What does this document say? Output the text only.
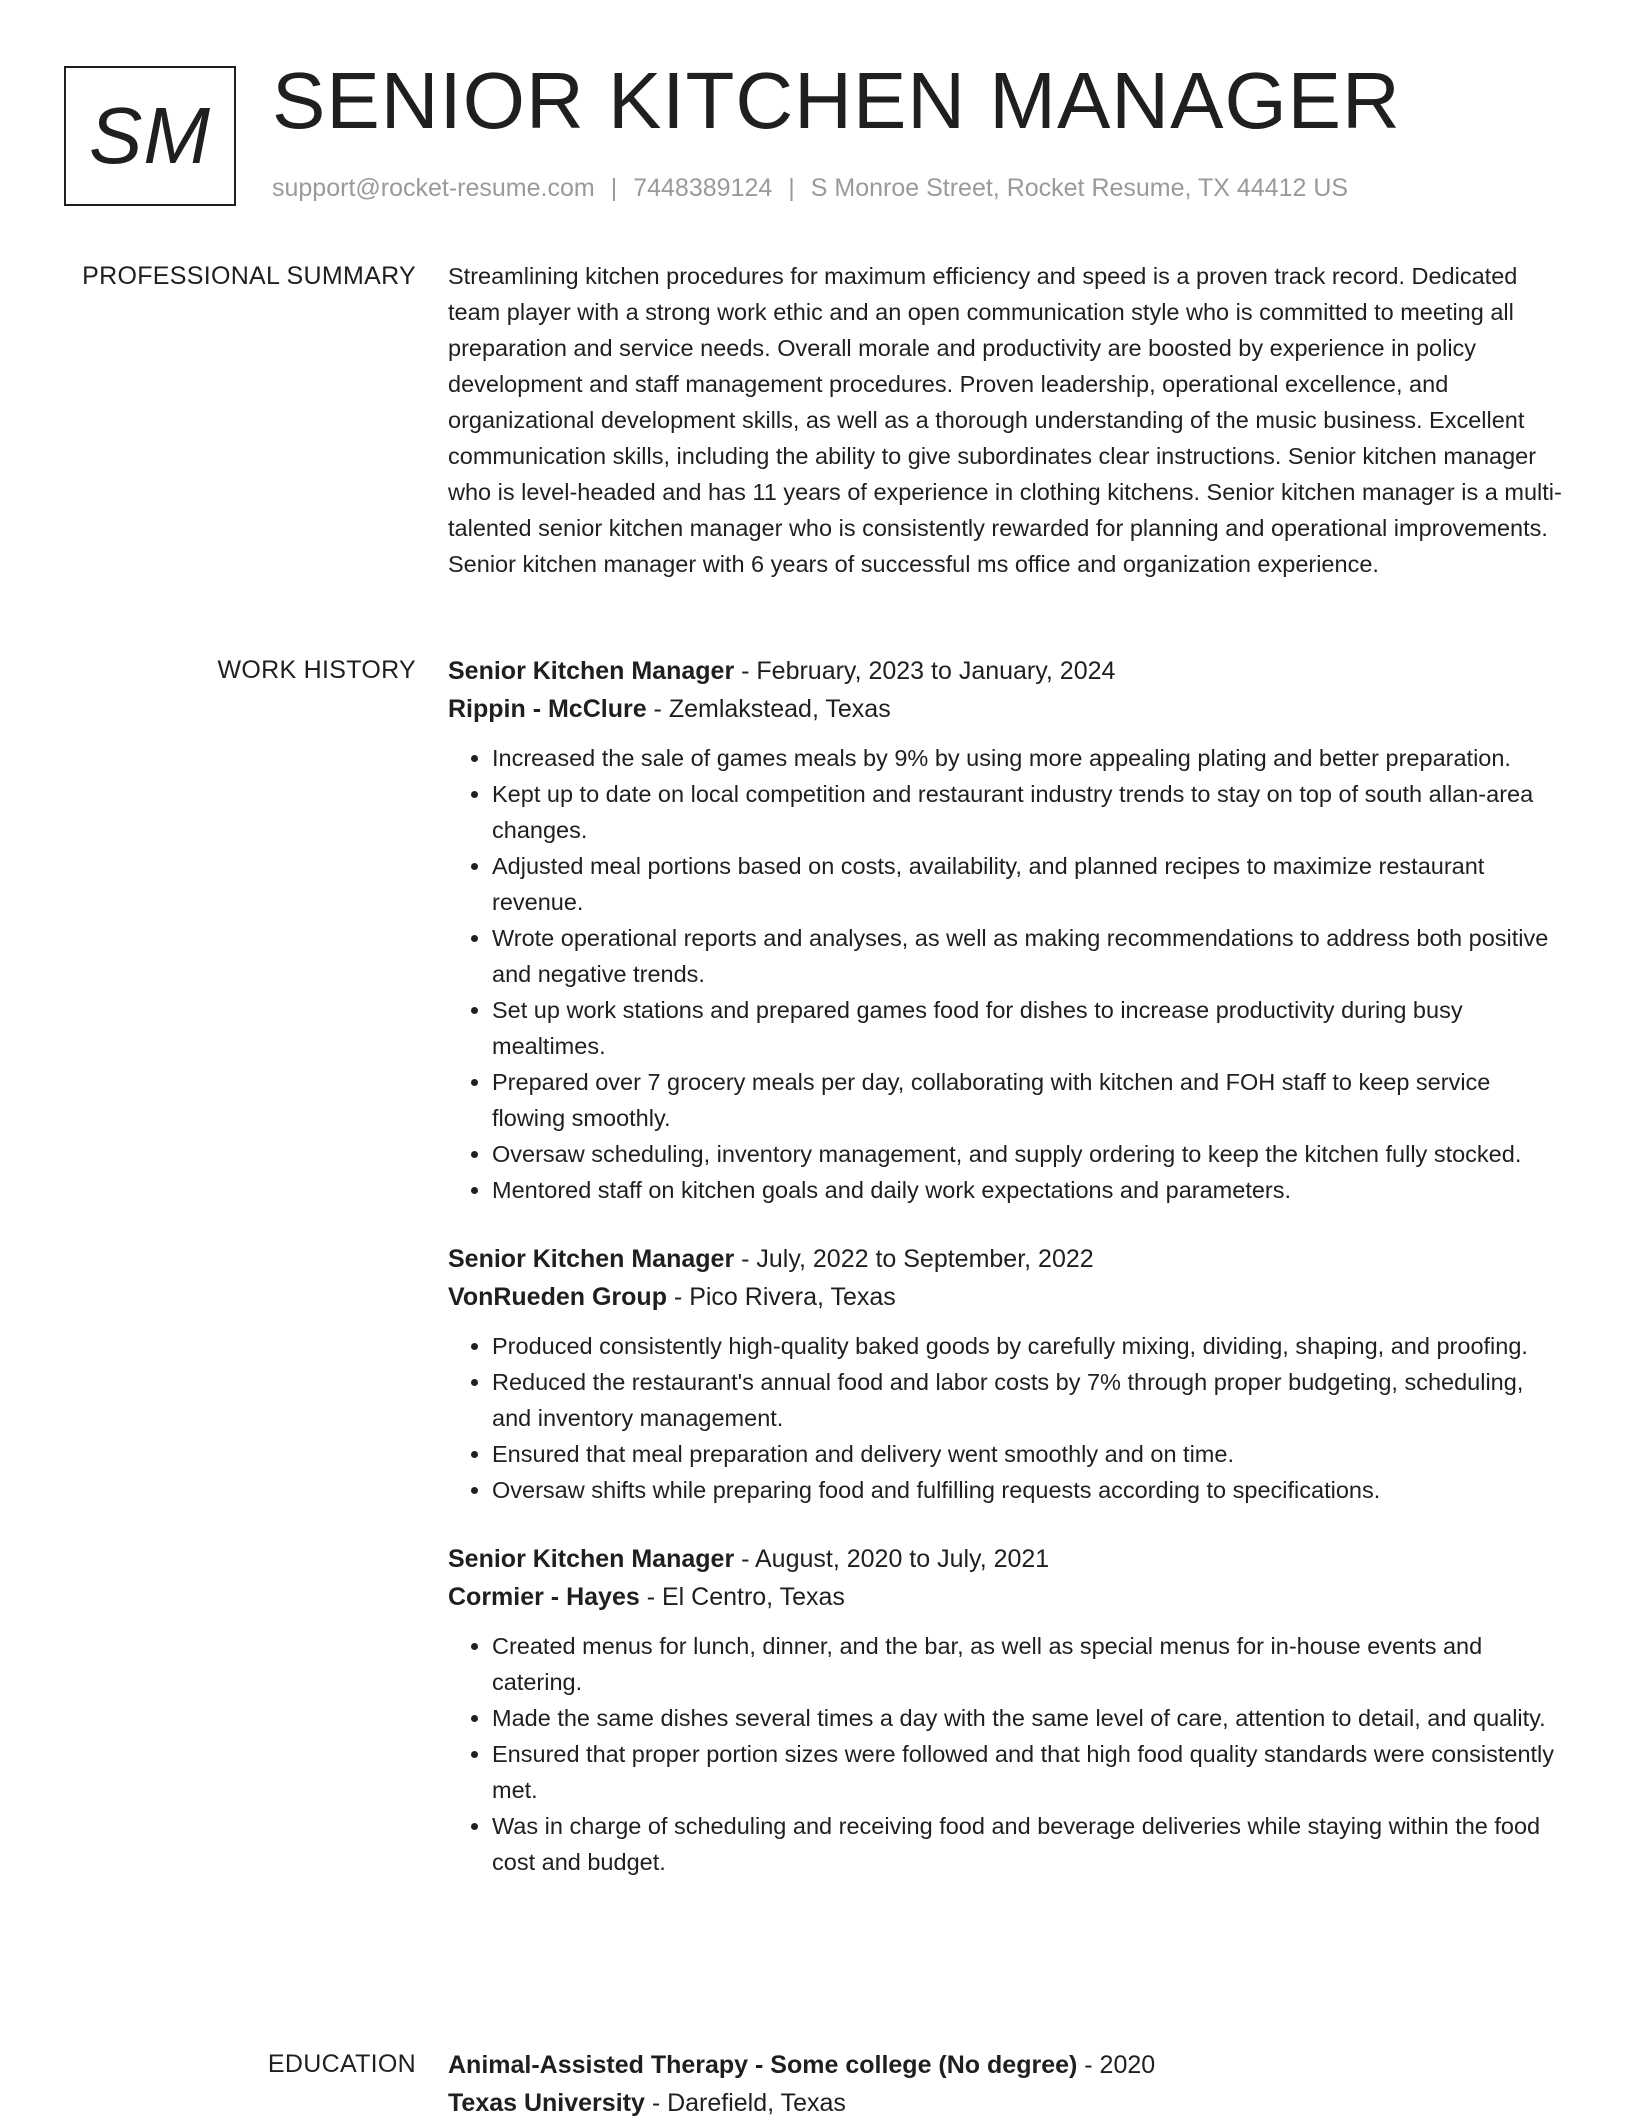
SM SENIOR KITCHEN MANAGER
support@rocket-resume.com | 7448389124 | S Monroe Street, Rocket Resume, TX 44412 US
PROFESSIONAL SUMMARY Streamlining kitchen procedures for maximum efficiency and speed is a proven track record. Dedicated team player with a strong work ethic and an open communication style who is committed to meeting all preparation and service needs. Overall morale and productivity are boosted by experience in policy development and staff management procedures. Proven leadership, operational excellence, and organizational development skills, as well as a thorough understanding of the music business. Excellent communication skills, including the ability to give subordinates clear instructions. Senior kitchen manager who is level-headed and has 11 years of experience in clothing kitchens. Senior kitchen manager is a multi-talented senior kitchen manager who is consistently rewarded for planning and operational improvements. Senior kitchen manager with 6 years of successful ms office and organization experience.

WORK HISTORY Senior Kitchen Manager - February, 2023 to January, 2024
Rippin - McClure - Zemlakstead, Texas
• Increased the sale of games meals by 9% by using more appealing plating and better preparation.
• Kept up to date on local competition and restaurant industry trends to stay on top of south allan-area changes.
• Adjusted meal portions based on costs, availability, and planned recipes to maximize restaurant revenue.
• Wrote operational reports and analyses, as well as making recommendations to address both positive and negative trends.
• Set up work stations and prepared games food for dishes to increase productivity during busy mealtimes.
• Prepared over 7 grocery meals per day, collaborating with kitchen and FOH staff to keep service flowing smoothly.
• Oversaw scheduling, inventory management, and supply ordering to keep the kitchen fully stocked.
• Mentored staff on kitchen goals and daily work expectations and parameters.
Senior Kitchen Manager - July, 2022 to September, 2022
VonRueden Group - Pico Rivera, Texas
• Produced consistently high-quality baked goods by carefully mixing, dividing, shaping, and proofing.
• Reduced the restaurant's annual food and labor costs by 7% through proper budgeting, scheduling, and inventory management.
• Ensured that meal preparation and delivery went smoothly and on time.
• Oversaw shifts while preparing food and fulfilling requests according to specifications.
Senior Kitchen Manager - August, 2020 to July, 2021
Cormier - Hayes - El Centro, Texas
• Created menus for lunch, dinner, and the bar, as well as special menus for in-house events and catering.
• Made the same dishes several times a day with the same level of care, attention to detail, and quality.
• Ensured that proper portion sizes were followed and that high food quality standards were consistently met.
• Was in charge of scheduling and receiving food and beverage deliveries while staying within the food cost and budget.
EDUCATION Animal-Assisted Therapy - Some college (No degree) - 2020
Texas University - Darefield, Texas
